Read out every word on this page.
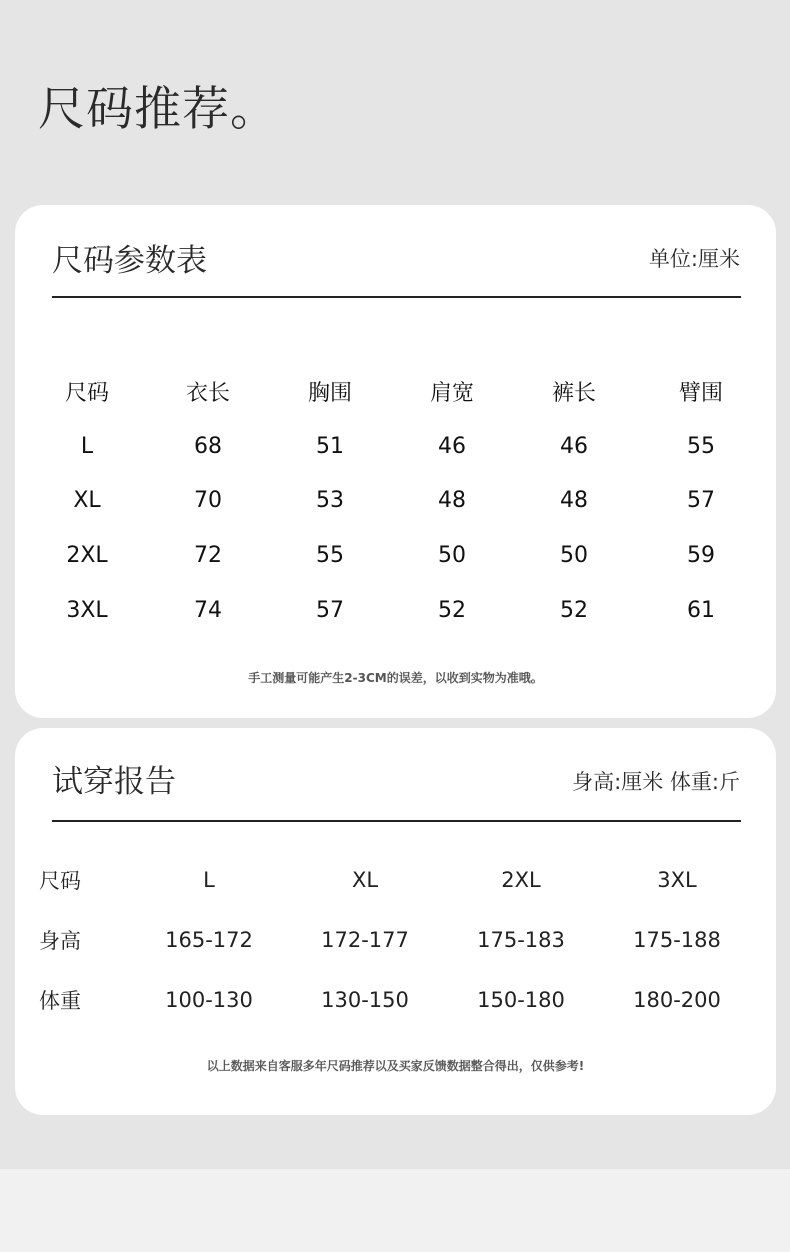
尺码推荐。
尺码参数表	单位:厘米
尺码	衣长	胸围	肩宽	裤长	臂围
L	68	51	46	46	55
XL	70	53	48	48	57
2XL	72	55	50	50	59
3XL	74	57	52	52	61
手工测量可能产生2-3CM的误差，以收到实物为准哦。
试穿报告	身高:厘米 体重:斤
尺码	L	XL	2XL	3XL
身高	165-172	172-177	175-183	175-188
体重	100-130	130-150	150-180	180-200
以上数据来自客服多年尺码推荐以及买家反馈数据整合得出，仅供参考!
